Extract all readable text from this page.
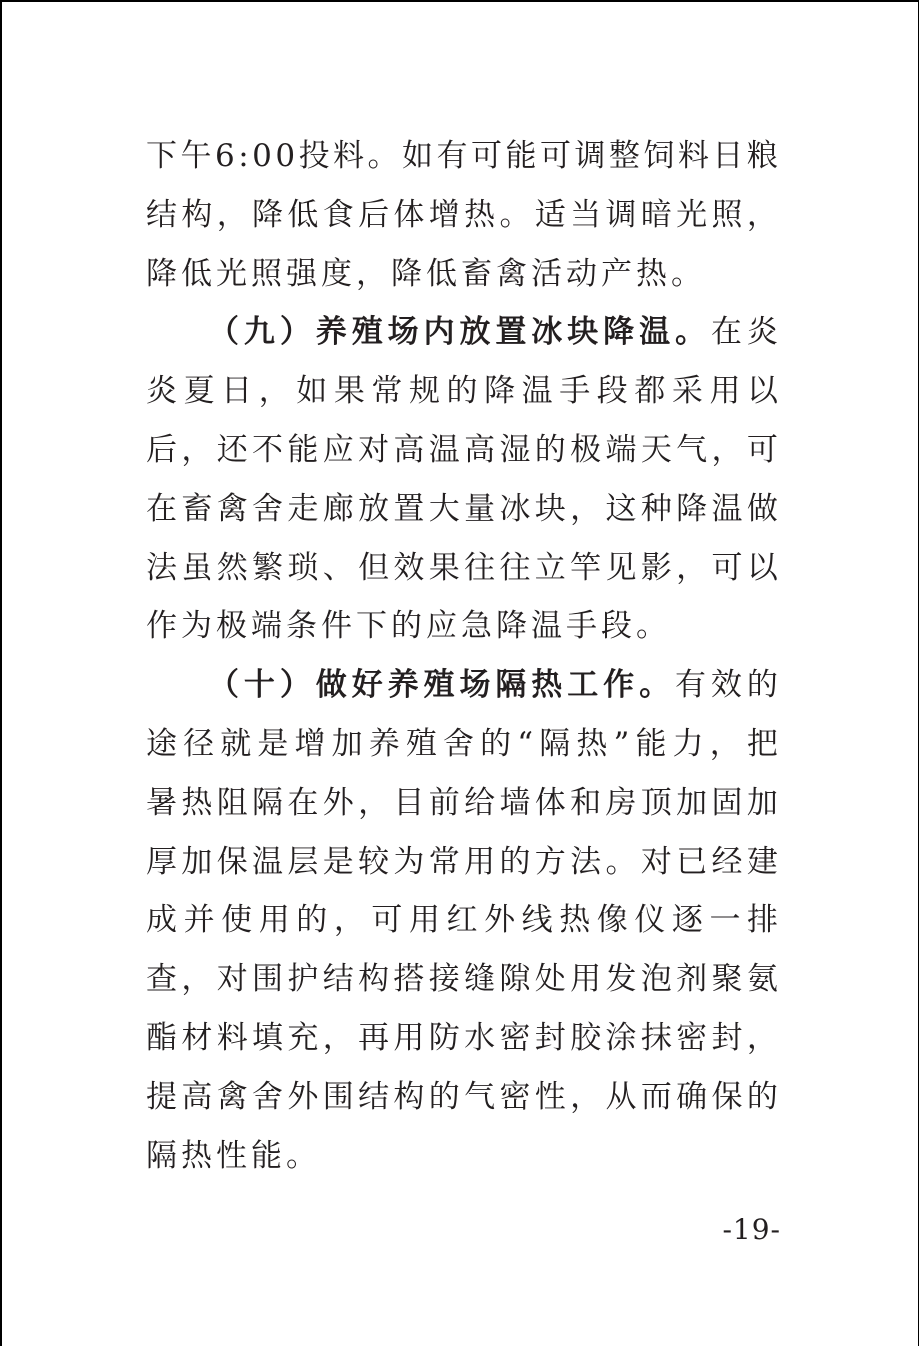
下 午 6 : 0 0 投 料 。 如 有 可 能 可 调 整 饲 料 日 粮
结 构 ， 降 低 食 后 体 增 热 。 适 当 调 暗 光 照 ，
降 低 光 照 强 度 ， 降 低 畜 禽 活 动 产 热 。
（ 九 ） 养 殖 场 内 放 置 冰 块 降 温 。 在 炎
炎 夏 日 ， 如 果 常 规 的 降 温 手 段 都 采 用 以
后 ， 还 不 能 应 对 高 温 高 湿 的 极 端 天 气 ， 可
在 畜 禽 舍 走 廊 放 置 大 量 冰 块 ， 这 种 降 温 做
法 虽 然 繁 琐 、 但 效 果 往 往 立 竿 见 影 ， 可 以
作 为 极 端 条 件 下 的 应 急 降 温 手 段 。
（ 十 ） 做 好 养 殖 场 隔 热 工 作 。 有 效 的
途 径 就 是 增 加 养 殖 舍 的 “ 隔 热 ” 能 力 ， 把
暑 热 阻 隔 在 外 ， 目 前 给 墙 体 和 房 顶 加 固 加
厚 加 保 温 层 是 较 为 常 用 的 方 法 。 对 已 经 建
成 并 使 用 的 ， 可 用 红 外 线 热 像 仪 逐 一 排
查 ， 对 围 护 结 构 搭 接 缝 隙 处 用 发 泡 剂 聚 氨
酯 材 料 填 充 ， 再 用 防 水 密 封 胶 涂 抹 密 封 ，
提 高 禽 舍 外 围 结 构 的 气 密 性 ， 从 而 确 保 的
隔 热 性 能 。
-19-
